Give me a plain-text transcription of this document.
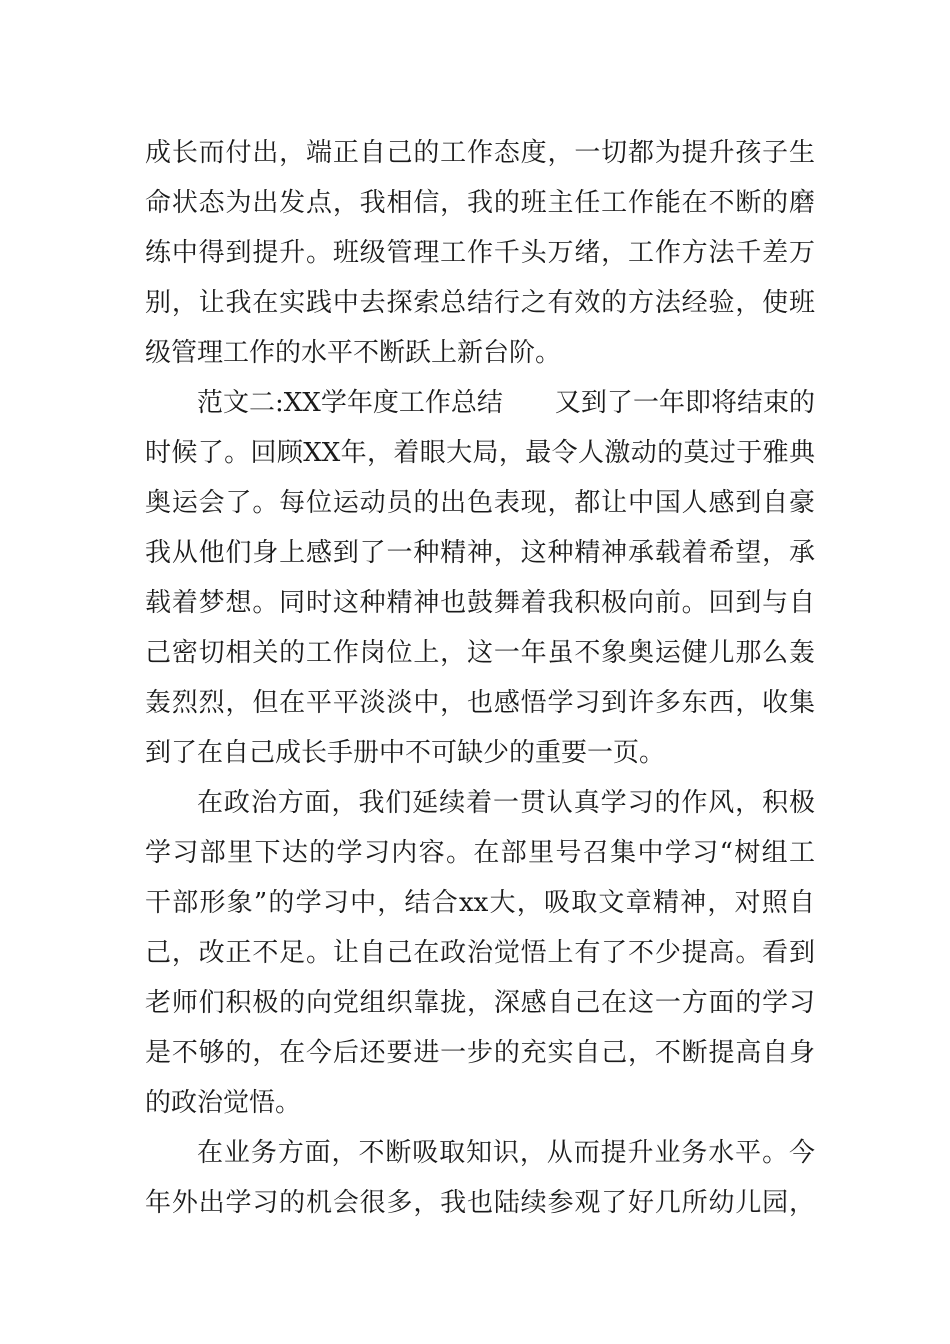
成长而付出，端正自己的工作态度，一切都为提升孩子生
命状态为出发点，我相信，我的班主任工作能在不断的磨
练中得到提升。班级管理工作千头万绪，工作方法千差万
别，让我在实践中去探索总结行之有效的方法经验，使班
级管理工作的水平不断跃上新台阶。
范文二:XX学年度工作总结　　又到了一年即将结束的
时候了。回顾XX年，着眼大局，最令人激动的莫过于雅典
奥运会了。每位运动员的出色表现，都让中国人感到自豪
我从他们身上感到了一种精神，这种精神承载着希望，承
载着梦想。同时这种精神也鼓舞着我积极向前。回到与自
己密切相关的工作岗位上，这一年虽不象奥运健儿那么轰
轰烈烈，但在平平淡淡中，也感悟学习到许多东西，收集
到了在自己成长手册中不可缺少的重要一页。
在政治方面，我们延续着一贯认真学习的作风，积极
学习部里下达的学习内容。在部里号召集中学习“树组工
干部形象”的学习中，结合xx大，吸取文章精神，对照自
己，改正不足。让自己在政治觉悟上有了不少提高。看到
老师们积极的向党组织靠拢，深感自己在这一方面的学习
是不够的，在今后还要进一步的充实自己，不断提高自身
的政治觉悟。
在业务方面，不断吸取知识，从而提升业务水平。今
年外出学习的机会很多，我也陆续参观了好几所幼儿园，
